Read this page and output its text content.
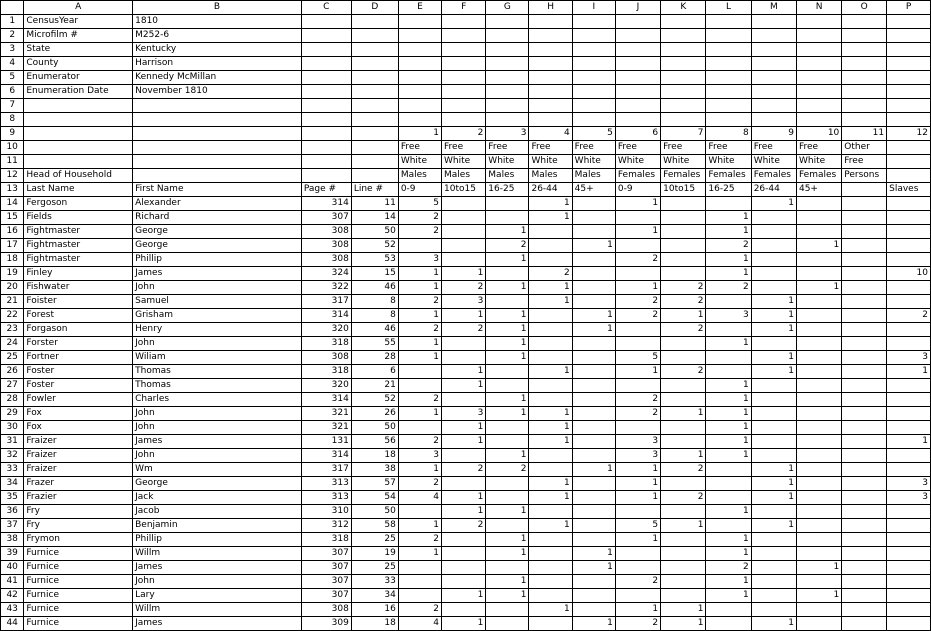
	A	B	C	D	E	F	G	H	I	J	K	L	M	N	O	P
1	CensusYear	1810														
2	Microfilm #	M252-6														
3	State	Kentucky														
4	County	Harrison														
5	Enumerator	Kennedy McMillan														
6	Enumeration Date	November 1810														
7																
8																
9					1	2	3	4	5	6	7	8	9	10	11	12
10					Free	Free	Free	Free	Free	Free	Free	Free	Free	Free	Other	
11					White	White	White	White	White	White	White	White	White	White	Free	
12	Head of Household				Males	Males	Males	Males	Males	Females	Females	Females	Females	Females	Persons	
13	Last Name	First Name	Page #	Line #	0-9	10to15	16-25	26-44	45+	0-9	10to15	16-25	26-44	45+		Slaves
14	Fergoson	Alexander	314	11	5			1		1			1			
15	Fields	Richard	307	14	2			1				1				
16	Fightmaster	George	308	50	2		1			1		1				
17	Fightmaster	George	308	52			2		1			2		1		
18	Fightmaster	Phillip	308	53	3		1			2		1				
19	Finley	James	324	15	1	1		2				1				10
20	Fishwater	John	322	46	1	2	1	1		1	2	2		1		
21	Foister	Samuel	317	8	2	3		1		2	2		1			
22	Forest	Grisham	314	8	1	1	1		1	2	1	3	1			2
23	Forgason	Henry	320	46	2	2	1		1		2		1			
24	Forster	John	318	55	1		1					1				
25	Fortner	Wiliam	308	28	1		1			5			1			3
26	Foster	Thomas	318	6		1		1		1	2		1			1
27	Foster	Thomas	320	21		1						1				
28	Fowler	Charles	314	52	2		1			2		1				
29	Fox	John	321	26	1	3	1	1		2	1	1				
30	Fox	John	321	50		1		1				1				
31	Fraizer	James	131	56	2	1		1		3		1				1
32	Fraizer	John	314	18	3		1			3	1	1				
33	Fraizer	Wm	317	38	1	2	2		1	1	2		1			
34	Frazer	George	313	57	2			1		1			1			3
35	Frazier	Jack	313	54	4	1		1		1	2		1			3
36	Fry	Jacob	310	50		1	1					1				
37	Fry	Benjamin	312	58	1	2		1		5	1		1			
38	Frymon	Phillip	318	25	2		1			1		1				
39	Furnice	Willm	307	19	1		1		1			1				
40	Furnice	James	307	25					1			2		1		
41	Furnice	John	307	33			1			2		1				
42	Furnice	Lary	307	34		1	1					1		1		
43	Furnice	Willm	308	16	2			1		1	1					
44	Furnice	James	309	18	4	1			1	2	1		1			
